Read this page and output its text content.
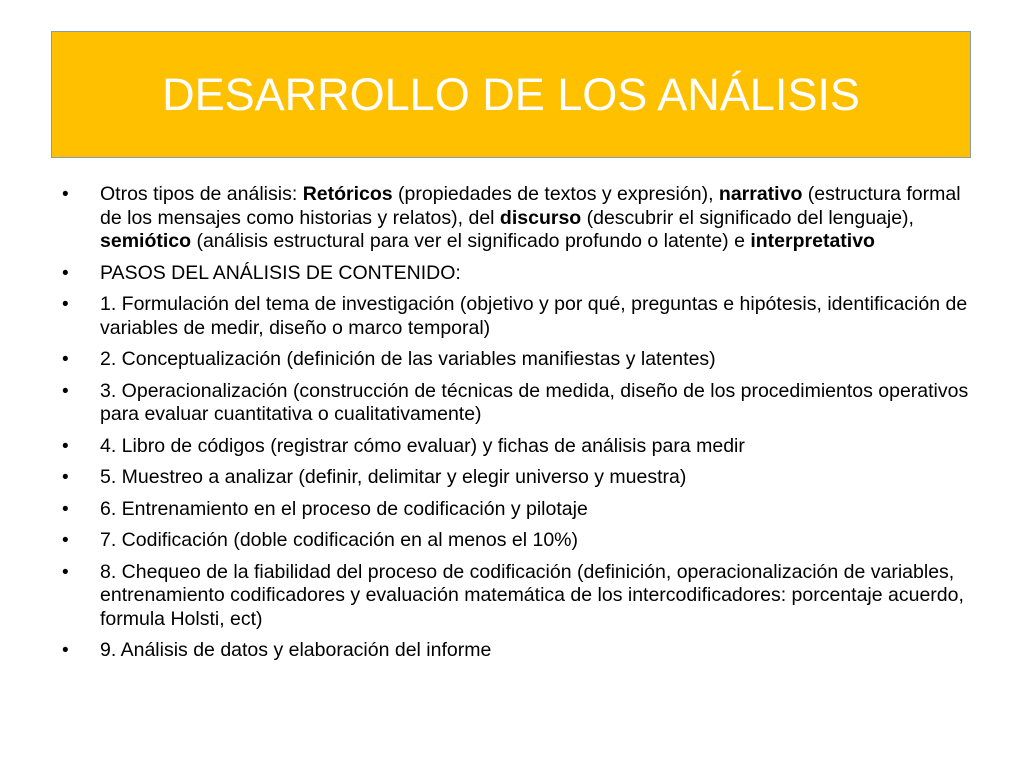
DESARROLLO DE LOS ANÁLISIS
• Otros tipos de análisis: Retóricos (propiedades de textos y expresión), narrativo (estructura formal de los mensajes como historias y relatos), del discurso (descubrir el significado del lenguaje), semiótico (análisis estructural para ver el significado profundo o latente) e interpretativo
• PASOS DEL ANÁLISIS DE CONTENIDO:
• 1. Formulación del tema de investigación (objetivo y por qué, preguntas e hipótesis, identificación de variables de medir, diseño o marco temporal)
• 2. Conceptualización (definición de las variables manifiestas y latentes)
• 3. Operacionalización (construcción de técnicas de medida, diseño de los procedimientos operativos para evaluar cuantitativa o cualitativamente)
• 4. Libro de códigos (registrar cómo evaluar) y fichas de análisis para medir
• 5. Muestreo a analizar (definir, delimitar y elegir universo y muestra)
• 6. Entrenamiento en el proceso de codificación y pilotaje
• 7. Codificación (doble codificación en al menos el 10%)
• 8. Chequeo de la fiabilidad del proceso de codificación (definición, operacionalización de variables, entrenamiento codificadores y evaluación matemática de los intercodificadores: porcentaje acuerdo, formula Holsti, ect)
• 9. Análisis de datos y elaboración del informe
